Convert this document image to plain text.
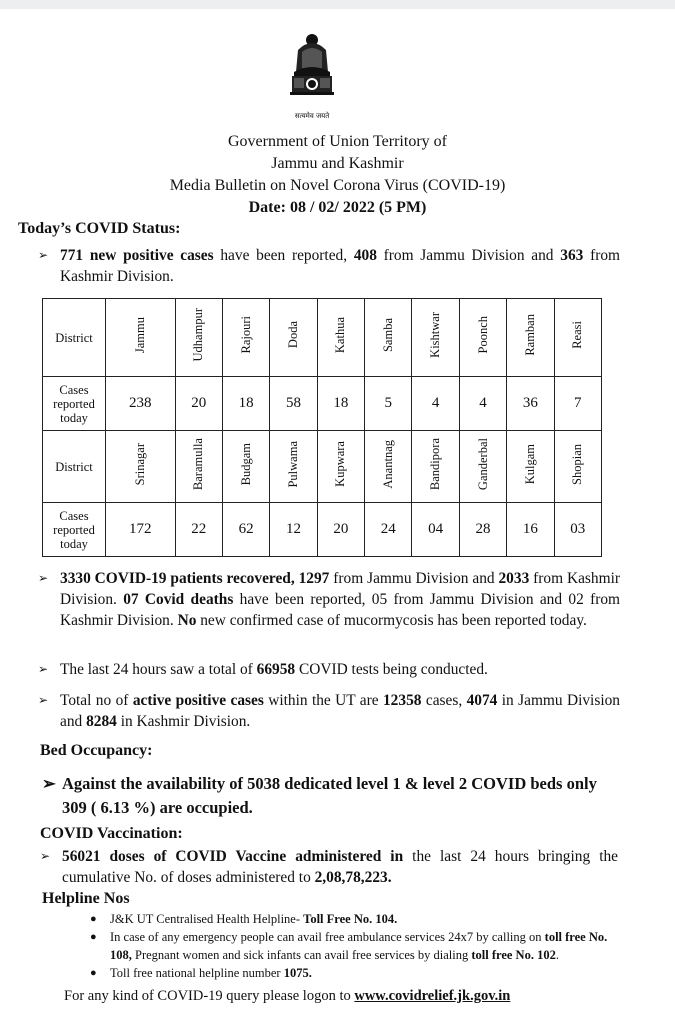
सत्यमेव जयते
Government of Union Territory of
Jammu and Kashmir
Media Bulletin on Novel Corona Virus (COVID-19)
Date: 08 / 02/ 2022 (5 PM)
Today’s COVID Status:
➢ 771 new positive cases have been reported, 408 from Jammu Division and 363 from Kashmir Division.
District	Jammu	Udhampur	Rajouri	Doda	Kathua	Samba	Kishtwar	Poonch	Ramban	Reasi
Cases reported today	238	20	18	58	18	5	4	4	36	7
District	Srinagar	Baramulla	Budgam	Pulwama	Kupwara	Anantnag	Bandipora	Ganderbal	Kulgam	Shopian
Cases reported today	172	22	62	12	20	24	04	28	16	03
➢ 3330 COVID-19 patients recovered, 1297 from Jammu Division and 2033 from Kashmir Division. 07 Covid deaths have been reported, 05 from Jammu Division and 02 from Kashmir Division. No new confirmed case of mucormycosis has been reported today.
➢ The last 24 hours saw a total of 66958 COVID tests being conducted.
➢ Total no of active positive cases within the UT are 12358 cases, 4074 in Jammu Division and 8284 in Kashmir Division.
Bed Occupancy:
➢ Against the availability of 5038 dedicated level 1 & level 2 COVID beds only 309 ( 6.13 %) are occupied.
COVID Vaccination:
➢ 56021 doses of COVID Vaccine administered in the last 24 hours bringing the cumulative No. of doses administered to 2,08,78,223.
Helpline Nos
● J&K UT Centralised Health Helpline- Toll Free No. 104.
● In case of any emergency people can avail free ambulance services 24x7 by calling on toll free No. 108, Pregnant women and sick infants can avail free services by dialing toll free No. 102.
● Toll free national helpline number 1075.
For any kind of COVID-19 query please logon to www.covidrelief.jk.gov.in
